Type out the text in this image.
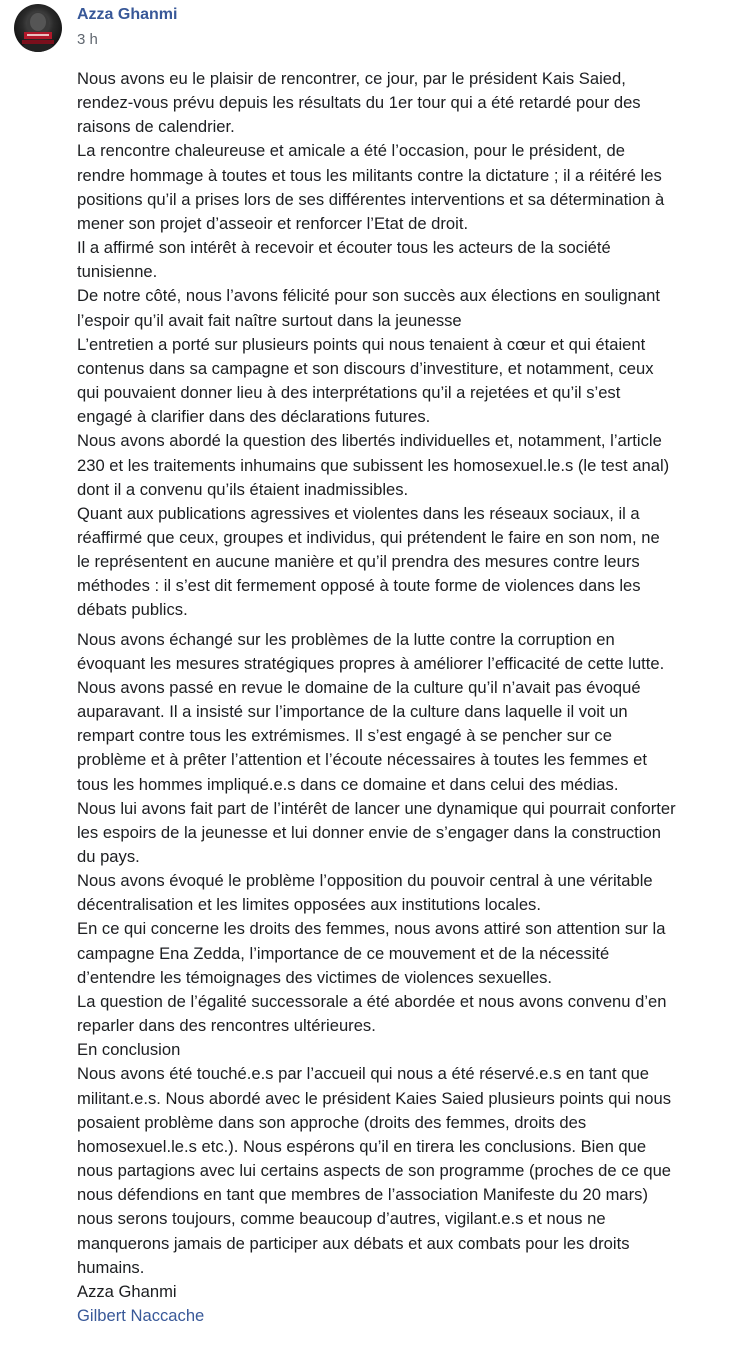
Azza Ghanmi
3 h

Nous avons eu le plaisir de rencontrer, ce jour, par le président Kais Saied,
rendez-vous prévu depuis les résultats du 1er tour qui a été retardé pour des
raisons de calendrier.

La rencontre chaleureuse et amicale a été l’occasion, pour le président, de
rendre hommage à toutes et tous les militants contre la dictature ; il a réitéré les
positions qu’il a prises lors de ses différentes interventions et sa détermination à
mener son projet d’asseoir et renforcer l’Etat de droit.

Il a affirmé son intérêt à recevoir et écouter tous les acteurs de la société
tunisienne.

De notre côté, nous l’avons félicité pour son succès aux élections en soulignant
l’espoir qu’il avait fait naître surtout dans la jeunesse

L’entretien a porté sur plusieurs points qui nous tenaient à cœur et qui étaient
contenus dans sa campagne et son discours d’investiture, et notamment, ceux
qui pouvaient donner lieu à des interprétations qu’il a rejetées et qu’il s’est
engagé à clarifier dans des déclarations futures.

Nous avons abordé la question des libertés individuelles et, notamment, l’article
230 et les traitements inhumains que subissent les homosexuel.le.s (le test anal)
dont il a convenu qu’ils étaient inadmissibles.

Quant aux publications agressives et violentes dans les réseaux sociaux, il a
réaffirmé que ceux, groupes et individus, qui prétendent le faire en son nom, ne
le représentent en aucune manière et qu’il prendra des mesures contre leurs
méthodes : il s’est dit fermement opposé à toute forme de violences dans les
débats publics.

Nous avons échangé sur les problèmes de la lutte contre la corruption en
évoquant les mesures stratégiques propres à améliorer l’efficacité de cette lutte.

Nous avons passé en revue le domaine de la culture qu’il n’avait pas évoqué
auparavant. Il a insisté sur l’importance de la culture dans laquelle il voit un
rempart contre tous les extrémismes. Il s’est engagé à se pencher sur ce
problème et à prêter l’attention et l’écoute nécessaires à toutes les femmes et
tous les hommes impliqué.e.s dans ce domaine et dans celui des médias.

Nous lui avons fait part de l’intérêt de lancer une dynamique qui pourrait conforter
les espoirs de la jeunesse et lui donner envie de s’engager dans la construction
du pays.

Nous avons évoqué le problème l’opposition du pouvoir central à une véritable
décentralisation et les limites opposées aux institutions locales.

En ce qui concerne les droits des femmes, nous avons attiré son attention sur la
campagne Ena Zedda, l’importance de ce mouvement et de la nécessité
d’entendre les témoignages des victimes de violences sexuelles.

La question de l’égalité successorale a été abordée et nous avons convenu d’en
reparler dans des rencontres ultérieures.

En conclusion

Nous avons été touché.e.s par l’accueil qui nous a été réservé.e.s en tant que
militant.e.s. Nous abordé avec le président Kaies Saied plusieurs points qui nous
posaient problème dans son approche (droits des femmes, droits des
homosexuel.le.s etc.). Nous espérons qu’il en tirera les conclusions. Bien que
nous partagions avec lui certains aspects de son programme (proches de ce que
nous défendions en tant que membres de l’association Manifeste du 20 mars)
nous serons toujours, comme beaucoup d’autres, vigilant.e.s et nous ne
manquerons jamais de participer aux débats et aux combats pour les droits
humains.

Azza Ghanmi

Gilbert Naccache
